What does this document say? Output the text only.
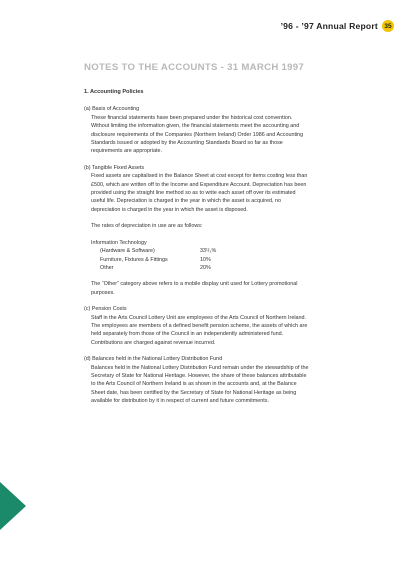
’96 - ’97 Annual Report 35
NOTES TO THE ACCOUNTS - 31 MARCH 1997
1. Accounting Policies
(a) Basis of Accounting
These financial statements have been prepared under the historical cost convention. Without limiting the information given, the financial statements meet the accounting and disclosure requirements of the Companies (Northern Ireland) Order 1986 and Accounting Standards issued or adopted by the Accounting Standards Board so far as those requirements are appropriate.
(b) Tangible Fixed Assets
Fixed assets are capitalised in the Balance Sheet at cost except for items costing less than £500, which are written off to the Income and Expenditure Account. Depreciation has been provided using the straight line method so as to write each asset off over its estimated useful life. Depreciation is charged in the year in which the asset is acquired, no depreciation is charged in the year in which the asset is disposed.
The rates of depreciation in use are as follows:
Information Technology
(Hardware & Software)	33¹/₃%
Furniture, Fixtures & Fittings	10%
Other	20%
The “Other” category above refers to a mobile display unit used for Lottery promotional purposes.
(c) Pension Costs
Staff in the Arts Council Lottery Unit are employees of the Arts Council of Northern Ireland. The employees are members of a defined benefit pension scheme, the assets of which are held separately from those of the Council in an independently administered fund. Contributions are charged against revenue incurred.
(d) Balances held in the National Lottery Distribution Fund
Balances held in the National Lottery Distribution Fund remain under the stewardship of the Secretary of State for National Heritage. However, the share of these balances attributable to the Arts Council of Northern Ireland is as shown in the accounts and, at the Balance Sheet date, has been certified by the Secretary of State for National Heritage as being available for distribution by it in respect of current and future commitments.
